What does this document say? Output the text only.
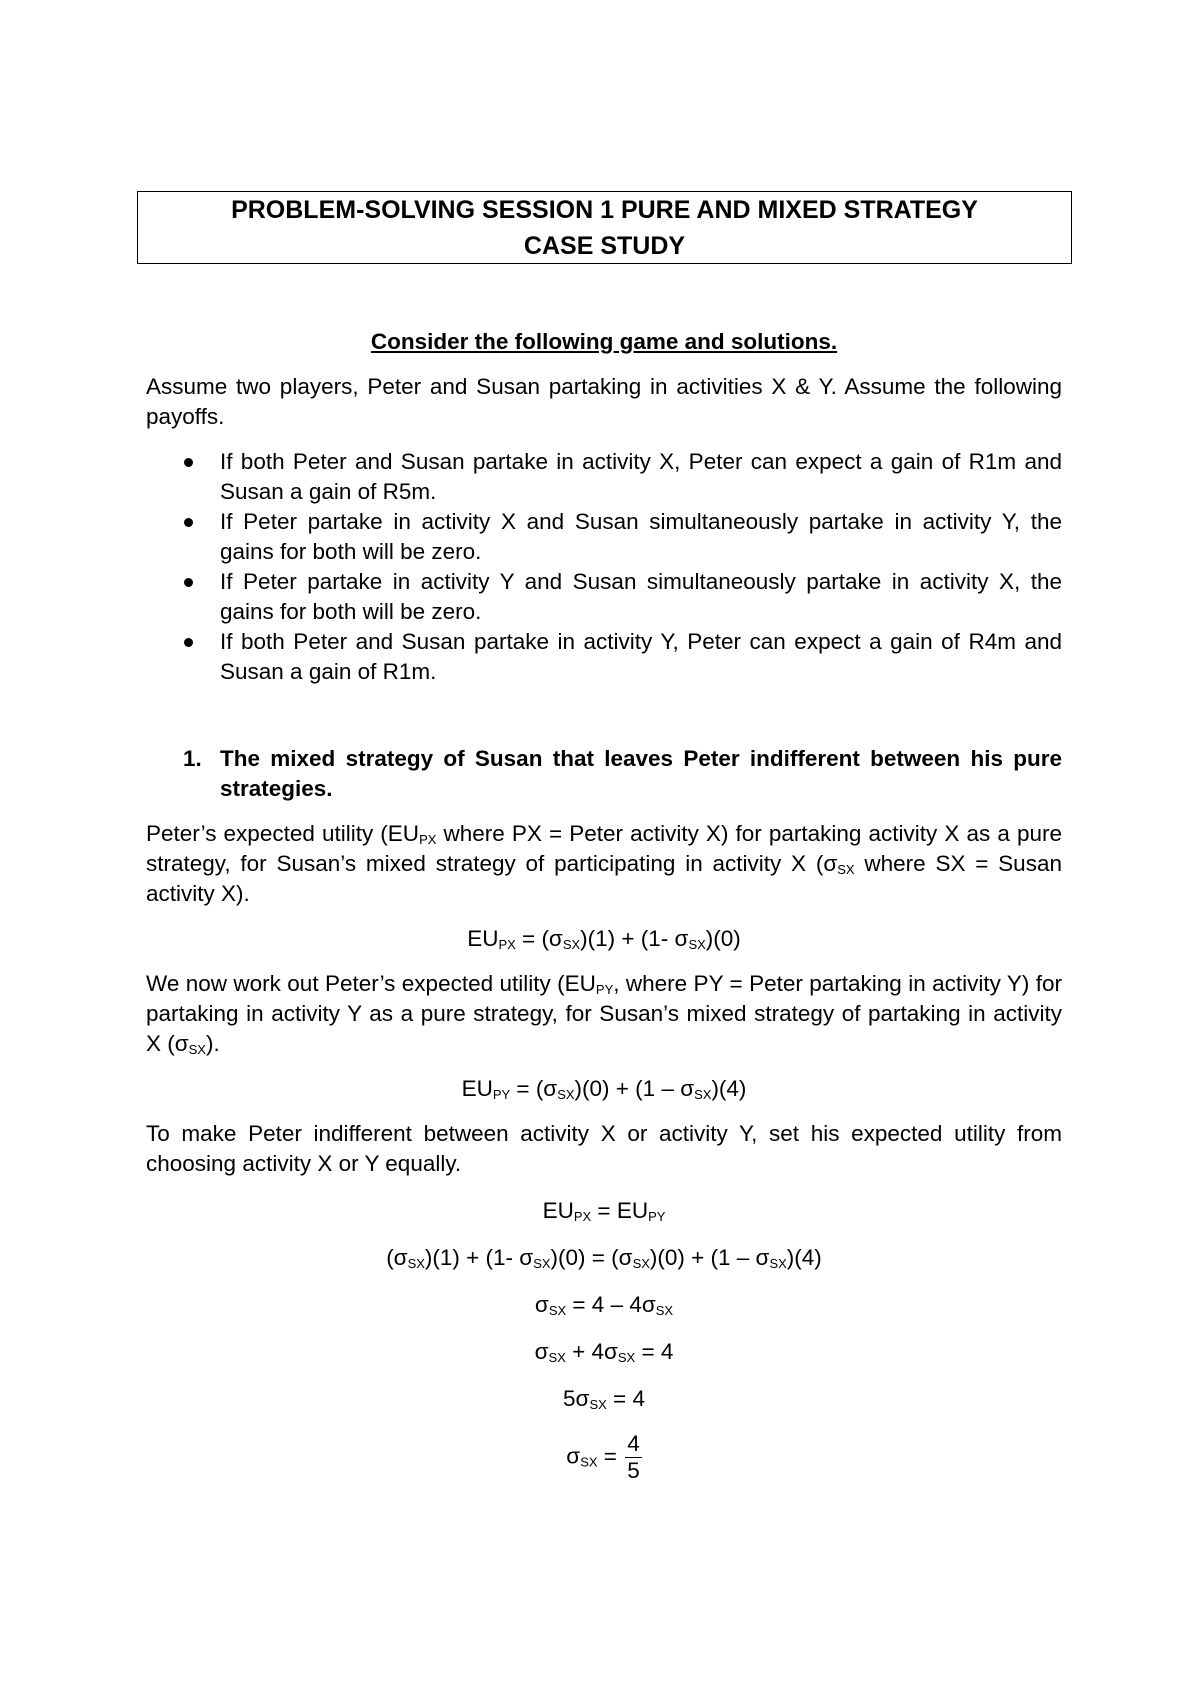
PROBLEM-SOLVING SESSION 1 PURE AND MIXED STRATEGY
CASE STUDY

Consider the following game and solutions.

Assume two players, Peter and Susan partaking in activities X & Y. Assume the following payoffs.

If both Peter and Susan partake in activity X, Peter can expect a gain of R1m and Susan a gain of R5m.
If Peter partake in activity X and Susan simultaneously partake in activity Y, the gains for both will be zero.
If Peter partake in activity Y and Susan simultaneously partake in activity X, the gains for both will be zero.
If both Peter and Susan partake in activity Y, Peter can expect a gain of R4m and Susan a gain of R1m.
1. The mixed strategy of Susan that leaves Peter indifferent between his pure strategies.

Peter’s expected utility ($EU_{PX}$ where PX = Peter activity X) for partaking activity X as a pure strategy, for Susan’s mixed strategy of participating in activity X ($\sigma_{SX}$ where SX = Susan activity X).

$EU_{PX} = (\sigma_{SX})(1) + (1-$ $\sigma_{SX})(0)$

We now work out Peter’s expected utility ($EU_{PY}$, where PY = Peter partaking in activity Y) for partaking in activity Y as a pure strategy, for Susan’s mixed strategy of partaking in activity X $(\sigma_{SX})$.

$EU_{PY} = (\sigma_{SX})(0) + (1 - \sigma_{SX})(4)$

To make Peter indifferent between activity X or activity Y, set his expected utility from choosing activity X or Y equally.

$EU_{PX} = EU_{PY}$
$(\sigma_{SX})(1) + (1-$ $\sigma_{SX})(0) = (\sigma_{SX})(0) + (1 - \sigma_{SX})(4)$
$\sigma_{SX} = 4 - 4\sigma_{SX}$
$\sigma_{SX} + 4\sigma_{SX} = 4$
$5\sigma_{SX} = 4$
$\sigma_{SX} = \frac{4}{5}$
